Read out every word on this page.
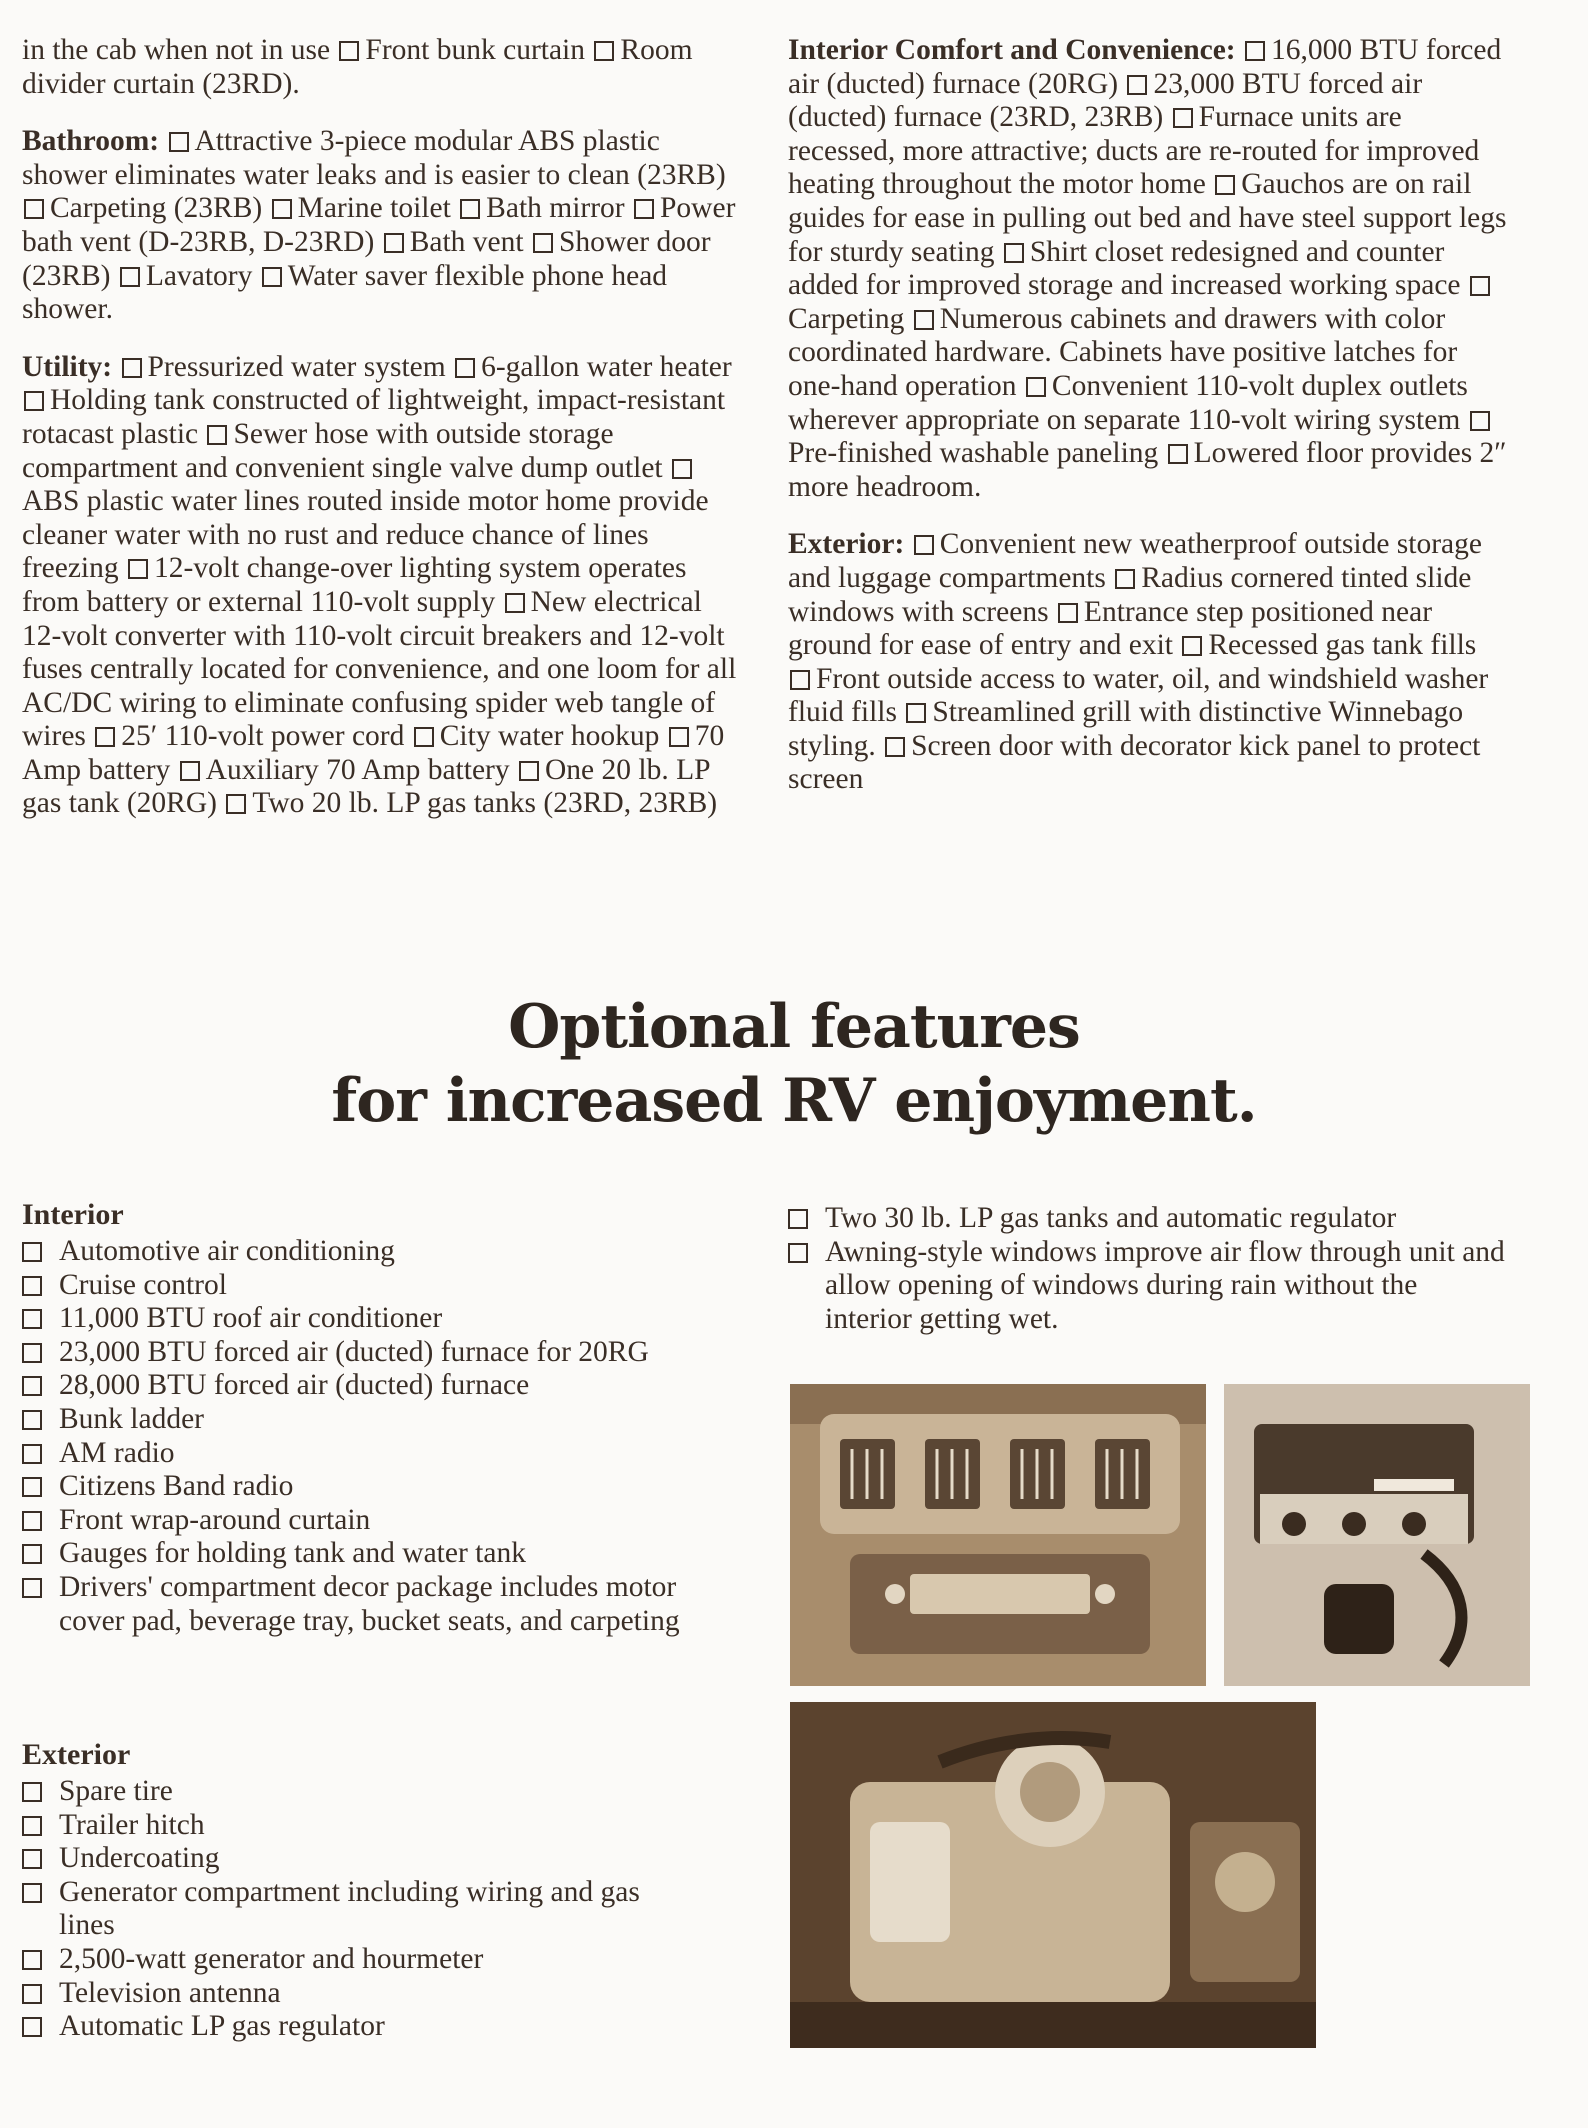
in the cab when not in use Front bunk curtain Room divider curtain (23RD).

Bathroom: Attractive 3-piece modular ABS plastic shower eliminates water leaks and is easier to clean (23RB) Carpeting (23RB) Marine toilet Bath mirror Power bath vent (D-23RB, D-23RD) Bath vent Shower door (23RB) Lavatory Water saver flexible phone head shower.

Utility: Pressurized water system 6-gallon water heater Holding tank constructed of lightweight, impact-resistant rotacast plastic Sewer hose with outside storage compartment and convenient single valve dump outlet ABS plastic water lines routed inside motor home provide cleaner water with no rust and reduce chance of lines freezing 12-volt change-over lighting system operates from battery or external 110-volt supply New electrical 12-volt converter with 110-volt circuit breakers and 12-volt fuses centrally located for convenience, and one loom for all AC/DC wiring to eliminate confusing spider web tangle of wires 25′ 110-volt power cord City water hookup 70 Amp battery Auxiliary 70 Amp battery One 20 lb. LP gas tank (20RG) Two 20 lb. LP gas tanks (23RD, 23RB)

Interior Comfort and Convenience: 16,000 BTU forced air (ducted) furnace (20RG) 23,000 BTU forced air (ducted) furnace (23RD, 23RB) Furnace units are recessed, more attractive; ducts are re-routed for improved heating throughout the motor home Gauchos are on rail guides for ease in pulling out bed and have steel support legs for sturdy seating Shirt closet redesigned and counter added for improved storage and increased working space Carpeting Numerous cabinets and drawers with color coordinated hardware. Cabinets have positive latches for one-hand operation Convenient 110-volt duplex outlets wherever appropriate on separate 110-volt wiring system Pre-finished washable paneling Lowered floor provides 2″ more headroom.

Exterior: Convenient new weatherproof outside storage and luggage compartments Radius cornered tinted slide windows with screens Entrance step positioned near ground for ease of entry and exit Recessed gas tank fills Front outside access to water, oil, and windshield washer fluid fills Streamlined grill with distinctive Winnebago styling. Screen door with decorator kick panel to protect screen

Optional features
for increased RV enjoyment.
Interior
Automotive air conditioning
Cruise control
11,000 BTU roof air conditioner
23,000 BTU forced air (ducted) furnace for 20RG
28,000 BTU forced air (ducted) furnace
Bunk ladder
AM radio
Citizens Band radio
Front wrap-around curtain
Gauges for holding tank and water tank
Drivers' compartment decor package includes motor cover pad, beverage tray, bucket seats, and carpeting
Exterior
Spare tire
Trailer hitch
Undercoating
Generator compartment including wiring and gas lines
2,500-watt generator and hourmeter
Television antenna
Automatic LP gas regulator
Two 30 lb. LP gas tanks and automatic regulator
Awning-style windows improve air flow through unit and allow opening of windows during rain without the interior getting wet.
